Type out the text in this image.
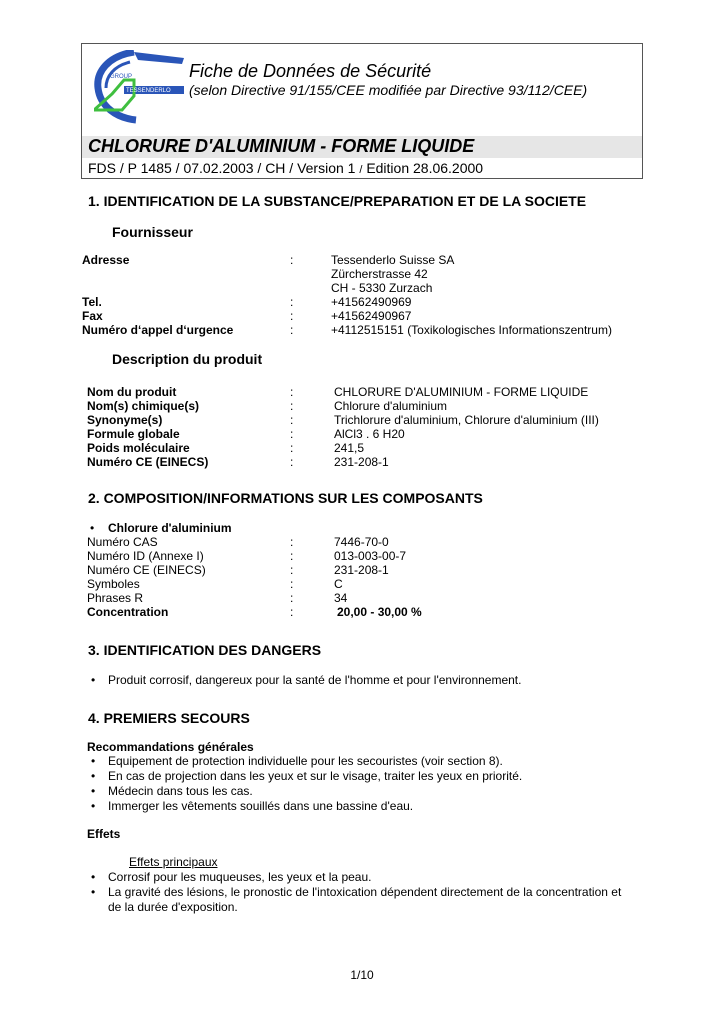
GROUP
TESSENDERLO
Fiche de Données de Sécurité
(selon Directive 91/155/CEE modifiée par Directive 93/112/CEE)
CHLORURE D'ALUMINIUM - FORME LIQUIDE
FDS / P 1485 / 07.02.2003 / CH / Version 1 / Edition 28.06.2000
1. IDENTIFICATION DE LA SUBSTANCE/PREPARATION ET DE LA SOCIETE
Fournisseur
Adresse	:	Tessenderlo Suisse SA
Zürcherstrasse 42
CH - 5330 Zurzach
Tel.	:	+41562490969
Fax	:	+41562490967
Numéro d‘appel d‘urgence	:	+4112515151 (Toxikologisches Informationszentrum)
Description du produit
Nom du produit	:	CHLORURE D'ALUMINIUM - FORME LIQUIDE
Nom(s) chimique(s)	:	Chlorure d'aluminium
Synonyme(s)	:	Trichlorure d'aluminium, Chlorure d'aluminium (III)
Formule globale	:	AlCl3 . 6 H20
Poids moléculaire	:	241,5
Numéro CE (EINECS)	:	231-208-1
2. COMPOSITION/INFORMATIONS SUR LES COMPOSANTS
• Chlorure d'aluminium
Numéro CAS	:	7446-70-0
Numéro ID (Annexe I)	:	013-003-00-7
Numéro CE (EINECS)	:	231-208-1
Symboles	:	C
Phrases R	:	34
Concentration	:	20,00 - 30,00 %
3. IDENTIFICATION DES DANGERS
• Produit corrosif, dangereux pour la santé de l'homme et pour l'environnement.
4. PREMIERS SECOURS
Recommandations générales
• Equipement de protection individuelle pour les secouristes (voir section 8).
• En cas de projection dans les yeux et sur le visage, traiter les yeux en priorité.
• Médecin dans tous les cas.
• Immerger les vêtements souillés dans une bassine d'eau.
Effets
Effets principaux
• Corrosif pour les muqueuses, les yeux et la peau.
• La gravité des lésions, le pronostic de l'intoxication dépendent directement de la concentration et
de la durée d'exposition.
1/10
